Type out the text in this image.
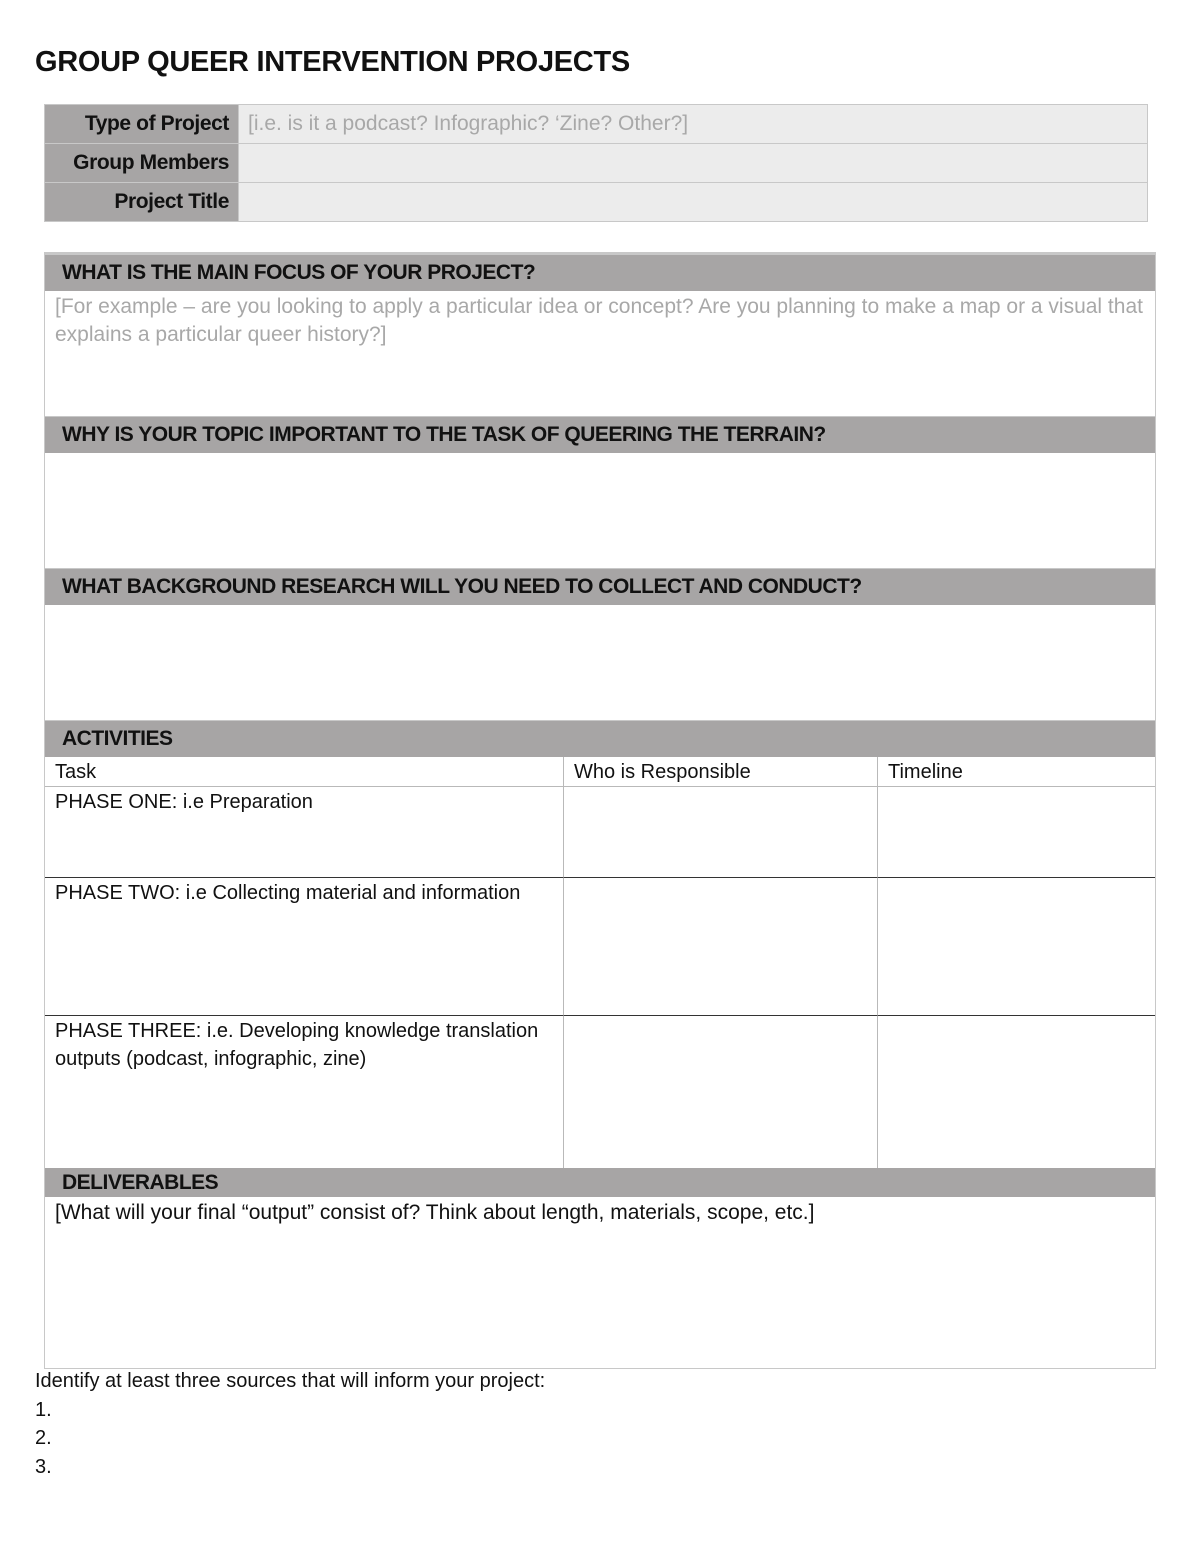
GROUP QUEER INTERVENTION PROJECTS
Type of Project	[i.e. is it a podcast? Infographic? ‘Zine? Other?]
Group Members	
Project Title	
WHAT IS THE MAIN FOCUS OF YOUR PROJECT?
[For example – are you looking to apply a particular idea or concept? Are you planning to make a map or a visual that explains a particular queer history?]
WHY IS YOUR TOPIC IMPORTANT TO THE TASK OF QUEERING THE TERRAIN?
WHAT BACKGROUND RESEARCH WILL YOU NEED TO COLLECT AND CONDUCT?
ACTIVITIES
Task	Who is Responsible	Timeline
PHASE ONE: i.e Preparation
PHASE TWO: i.e Collecting material and information
PHASE THREE: i.e. Developing knowledge translation outputs (podcast, infographic, zine)
DELIVERABLES
[What will your final “output” consist of? Think about length, materials, scope, etc.]
Identify at least three sources that will inform your project:
1.
2.
3.
